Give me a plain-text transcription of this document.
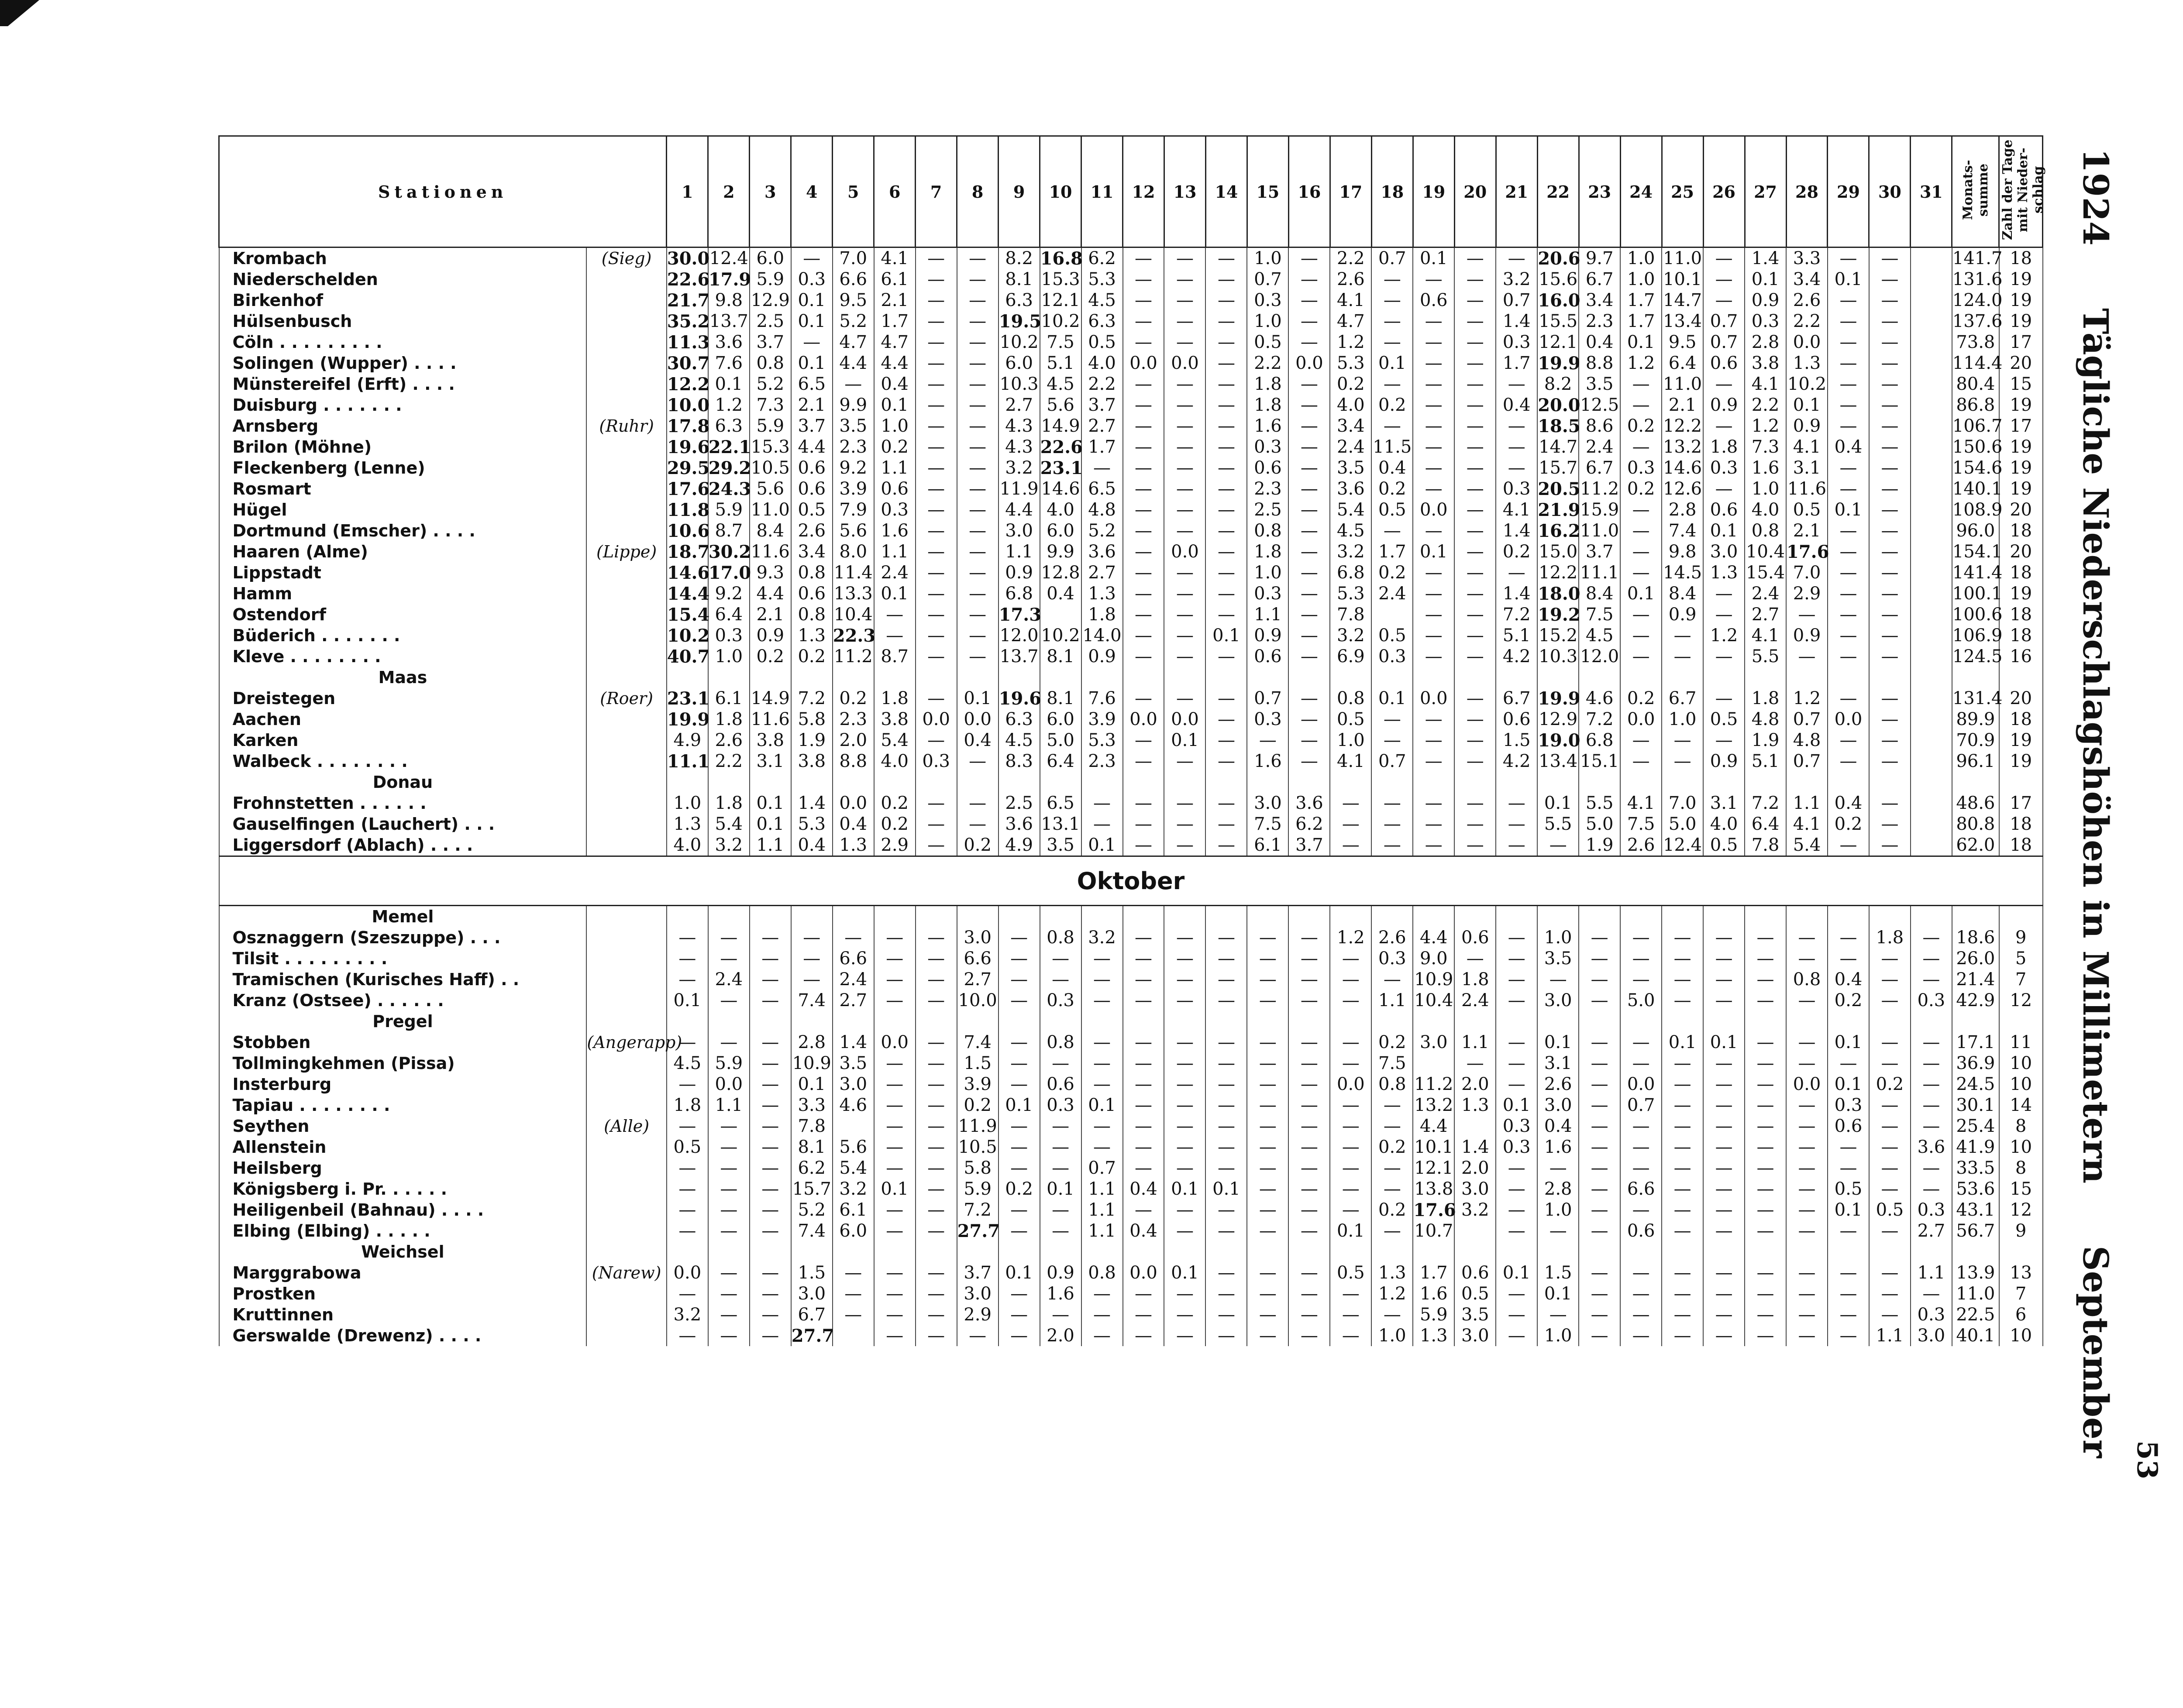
1924
Tägliche Niederschlagshöhen in Millimetern
September
53
Stationen		1	2	3	4	5	6	7	8	9	10	11	12	13	14	15	16	17	18	19	20	21	22	23	24	25	26	27	28	29	30	31	Monats-summe	Zahl der Tage mit Nieder-schlag
Krombach	(Sieg)	30.0	12.4	6.0	—	7.0	4.1	—	—	8.2	16.8	6.2	—	—	—	1.0	—	2.2	0.7	0.1	—	—	20.6	9.7	1.0	11.0	—	1.4	3.3	—	—		141.7	18
Niederschelden		22.6	17.9	5.9	0.3	6.6	6.1	—	—	8.1	15.3	5.3	—	—	—	0.7	—	2.6	—	—	—	3.2	15.6	6.7	1.0	10.1	—	0.1	3.4	0.1	—		131.6	19
Birkenhof		21.7	9.8	12.9	0.1	9.5	2.1	—	—	6.3	12.1	4.5	—	—	—	0.3	—	4.1	—	0.6	—	0.7	16.0	3.4	1.7	14.7	—	0.9	2.6	—	—		124.0	19
Hülsenbusch		35.2	13.7	2.5	0.1	5.2	1.7	—	—	19.5	10.2	6.3	—	—	—	1.0	—	4.7	—	—	—	1.4	15.5	2.3	1.7	13.4	0.7	0.3	2.2	—	—		137.6	19
Cöln . . . . . . . . .		11.3	3.6	3.7	—	4.7	4.7	—	—	10.2	7.5	0.5	—	—	—	0.5	—	1.2	—	—	—	0.3	12.1	0.4	0.1	9.5	0.7	2.8	0.0	—	—		73.8	17
Solingen (Wupper) . . . .		30.7	7.6	0.8	0.1	4.4	4.4	—	—	6.0	5.1	4.0	0.0	0.0	—	2.2	0.0	5.3	0.1	—	—	1.7	19.9	8.8	1.2	6.4	0.6	3.8	1.3	—	—		114.4	20
Münstereifel (Erft) . . . .		12.2	0.1	5.2	6.5	—	0.4	—	—	10.3	4.5	2.2	—	—	—	1.8	—	0.2	—	—	—	—	8.2	3.5	—	11.0	—	4.1	10.2	—	—		80.4	15
Duisburg . . . . . . .		10.0	1.2	7.3	2.1	9.9	0.1	—	—	2.7	5.6	3.7	—	—	—	1.8	—	4.0	0.2	—	—	0.4	20.0	12.5	—	2.1	0.9	2.2	0.1	—	—		86.8	19
Arnsberg	(Ruhr)	17.8	6.3	5.9	3.7	3.5	1.0	—	—	4.3	14.9	2.7	—	—	—	1.6	—	3.4	—	—	—	—	18.5	8.6	0.2	12.2	—	1.2	0.9	—	—		106.7	17
Brilon (Möhne)		19.6	22.1	15.3	4.4	2.3	0.2	—	—	4.3	22.6	1.7	—	—	—	0.3	—	2.4	11.5	—	—	—	14.7	2.4	—	13.2	1.8	7.3	4.1	0.4	—		150.6	19
Fleckenberg (Lenne)		29.5	29.2	10.5	0.6	9.2	1.1	—	—	3.2	23.1	—	—	—	—	0.6	—	3.5	0.4	—	—	—	15.7	6.7	0.3	14.6	0.3	1.6	3.1	—	—		154.6	19
Rosmart		17.6	24.3	5.6	0.6	3.9	0.6	—	—	11.9	14.6	6.5	—	—	—	2.3	—	3.6	0.2	—	—	0.3	20.5	11.2	0.2	12.6	—	1.0	11.6	—	—		140.1	19
Hügel		11.8	5.9	11.0	0.5	7.9	0.3	—	—	4.4	4.0	4.8	—	—	—	2.5	—	5.4	0.5	0.0	—	4.1	21.9	15.9	—	2.8	0.6	4.0	0.5	0.1	—		108.9	20
Dortmund (Emscher) . . . .		10.6	8.7	8.4	2.6	5.6	1.6	—	—	3.0	6.0	5.2	—	—	—	0.8	—	4.5	—	—	—	1.4	16.2	11.0	—	7.4	0.1	0.8	2.1	—	—		96.0	18
Haaren (Alme)	(Lippe)	18.7	30.2	11.6	3.4	8.0	1.1	—	—	1.1	9.9	3.6	—	0.0	—	1.8	—	3.2	1.7	0.1	—	0.2	15.0	3.7	—	9.8	3.0	10.4	17.6	—	—		154.1	20
Lippstadt		14.6	17.0	9.3	0.8	11.4	2.4	—	—	0.9	12.8	2.7	—	—	—	1.0	—	6.8	0.2	—	—	—	12.2	11.1	—	14.5	1.3	15.4	7.0	—	—		141.4	18
Hamm		14.4	9.2	4.4	0.6	13.3	0.1	—	—	6.8	0.4	1.3	—	—	—	0.3	—	5.3	2.4	—	—	1.4	18.0	8.4	0.1	8.4	—	2.4	2.9	—	—		100.1	19
Ostendorf		15.4	6.4	2.1	0.8	10.4	—	—	—	17.3		1.8	—	—	—	1.1	—	7.8		—	—	7.2	19.2	7.5	—	0.9	—	2.7	—	—	—		100.6	18
Büderich . . . . . . .		10.2	0.3	0.9	1.3	22.3	—	—	—	12.0	10.2	14.0	—	—	0.1	0.9	—	3.2	0.5	—	—	5.1	15.2	4.5	—	—	1.2	4.1	0.9	—	—		106.9	18
Kleve . . . . . . . .		40.7	1.0	0.2	0.2	11.2	8.7	—	—	13.7	8.1	0.9	—	—	—	0.6	—	6.9	0.3	—	—	4.2	10.3	12.0	—	—	—	5.5	—	—	—		124.5	16
Maas																																		
Dreistegen	(Roer)	23.1	6.1	14.9	7.2	0.2	1.8	—	0.1	19.6	8.1	7.6	—	—	—	0.7	—	0.8	0.1	0.0	—	6.7	19.9	4.6	0.2	6.7	—	1.8	1.2	—	—		131.4	20
Aachen		19.9	1.8	11.6	5.8	2.3	3.8	0.0	0.0	6.3	6.0	3.9	0.0	0.0	—	0.3	—	0.5	—	—	—	0.6	12.9	7.2	0.0	1.0	0.5	4.8	0.7	0.0	—		89.9	18
Karken		4.9	2.6	3.8	1.9	2.0	5.4	—	0.4	4.5	5.0	5.3	—	0.1	—	—	—	1.0	—	—	—	1.5	19.0	6.8	—	—	—	1.9	4.8	—	—		70.9	19
Walbeck . . . . . . . .		11.1	2.2	3.1	3.8	8.8	4.0	0.3	—	8.3	6.4	2.3	—	—	—	1.6	—	4.1	0.7	—	—	4.2	13.4	15.1	—	—	0.9	5.1	0.7	—	—		96.1	19
Donau																																		
Frohnstetten . . . . . .		1.0	1.8	0.1	1.4	0.0	0.2	—	—	2.5	6.5	—	—	—	—	3.0	3.6	—	—	—	—	—	0.1	5.5	4.1	7.0	3.1	7.2	1.1	0.4	—		48.6	17
Gauselfingen (Lauchert) . . .		1.3	5.4	0.1	5.3	0.4	0.2	—	—	3.6	13.1	—	—	—	—	7.5	6.2	—	—	—	—	—	5.5	5.0	7.5	5.0	4.0	6.4	4.1	0.2	—		80.8	18
Liggersdorf (Ablach) . . . .		4.0	3.2	1.1	0.4	1.3	2.9	—	0.2	4.9	3.5	0.1	—	—	—	6.1	3.7	—	—	—	—	—	—	1.9	2.6	12.4	0.5	7.8	5.4	—	—		62.0	18
Oktober																																		
Memel																																		
Osznaggern (Szeszuppe) . . .		—	—	—	—	—	—	—	3.0	—	0.8	3.2	—	—	—	—	—	1.2	2.6	4.4	0.6	—	1.0	—	—	—	—	—	—	—	1.8	—	18.6	9
Tilsit . . . . . . . . .		—	—	—	—	6.6	—	—	6.6	—	—	—	—	—	—	—	—	—	0.3	9.0	—	—	3.5	—	—	—	—	—	—	—	—	—	26.0	5
Tramischen (Kurisches Haff) . .		—	2.4	—	—	2.4	—	—	2.7	—	—	—	—	—	—	—	—	—	—	10.9	1.8	—	—	—	—	—	—	—	0.8	0.4	—	—	21.4	7
Kranz (Ostsee) . . . . . .		0.1	—	—	7.4	2.7	—	—	10.0	—	0.3	—	—	—	—	—	—	—	1.1	10.4	2.4	—	3.0	—	5.0	—	—	—	—	0.2	—	0.3	42.9	12
Pregel																																		
Stobben	(Angerapp)	—	—	—	2.8	1.4	0.0	—	7.4	—	0.8	—	—	—	—	—	—	—	0.2	3.0	1.1	—	0.1	—	—	0.1	0.1	—	—	0.1	—	—	17.1	11
Tollmingkehmen (Pissa)		4.5	5.9	—	10.9	3.5	—	—	1.5	—	—	—	—	—	—	—	—	—	7.5		—	—	3.1	—	—	—	—	—	—	—	—	—	36.9	10
Insterburg		—	0.0	—	0.1	3.0	—	—	3.9	—	0.6	—	—	—	—	—	—	0.0	0.8	11.2	2.0	—	2.6	—	0.0	—	—	—	0.0	0.1	0.2	—	24.5	10
Tapiau . . . . . . . .		1.8	1.1	—	3.3	4.6	—	—	0.2	0.1	0.3	0.1	—	—	—	—	—	—	—	13.2	1.3	0.1	3.0	—	0.7	—	—	—	—	0.3	—	—	30.1	14
Seythen	(Alle)	—	—	—	7.8		—	—	11.9	—	—	—	—	—	—	—	—	—	—	4.4		0.3	0.4	—	—	—	—	—	—	0.6	—	—	25.4	8
Allenstein		0.5	—	—	8.1	5.6	—	—	10.5	—	—	—	—	—	—	—	—	—	0.2	10.1	1.4	0.3	1.6	—	—	—	—	—	—	—	—	3.6	41.9	10
Heilsberg		—	—	—	6.2	5.4	—	—	5.8	—	—	0.7	—	—	—	—	—	—	—	12.1	2.0	—	—	—	—	—	—	—	—	—	—	—	33.5	8
Königsberg i. Pr. . . . . .		—	—	—	15.7	3.2	0.1	—	5.9	0.2	0.1	1.1	0.4	0.1	0.1	—	—	—	—	13.8	3.0	—	2.8	—	6.6	—	—	—	—	0.5	—	—	53.6	15
Heiligenbeil (Bahnau) . . . .		—	—	—	5.2	6.1	—	—	7.2	—	—	1.1	—	—	—	—	—	—	0.2	17.6	3.2	—	1.0	—	—	—	—	—	—	0.1	0.5	0.3	43.1	12
Elbing (Elbing) . . . . .		—	—	—	7.4	6.0	—	—	27.7	—	—	1.1	0.4	—	—	—	—	0.1	—	10.7		—	—	—	0.6	—	—	—	—	—	—	2.7	56.7	9
Weichsel																																		
Marggrabowa	(Narew)	0.0	—	—	1.5	—	—	—	3.7	0.1	0.9	0.8	0.0	0.1	—	—	—	0.5	1.3	1.7	0.6	0.1	1.5	—	—	—	—	—	—	—	—	1.1	13.9	13
Prostken		—	—	—	3.0	—	—	—	3.0	—	1.6	—	—	—	—	—	—	—	1.2	1.6	0.5	—	0.1	—	—	—	—	—	—	—	—	—	11.0	7
Kruttinnen		3.2	—	—	6.7	—	—	—	2.9	—	—	—	—	—	—	—	—	—	—	5.9	3.5	—	—	—	—	—	—	—	—	—	—	0.3	22.5	6
Gerswalde (Drewenz) . . . .		—	—	—	27.7		—	—	—	—	2.0	—	—	—	—	—	—	—	1.0	1.3	3.0	—	1.0	—	—	—	—	—	—	—	1.1	3.0	40.1	10
